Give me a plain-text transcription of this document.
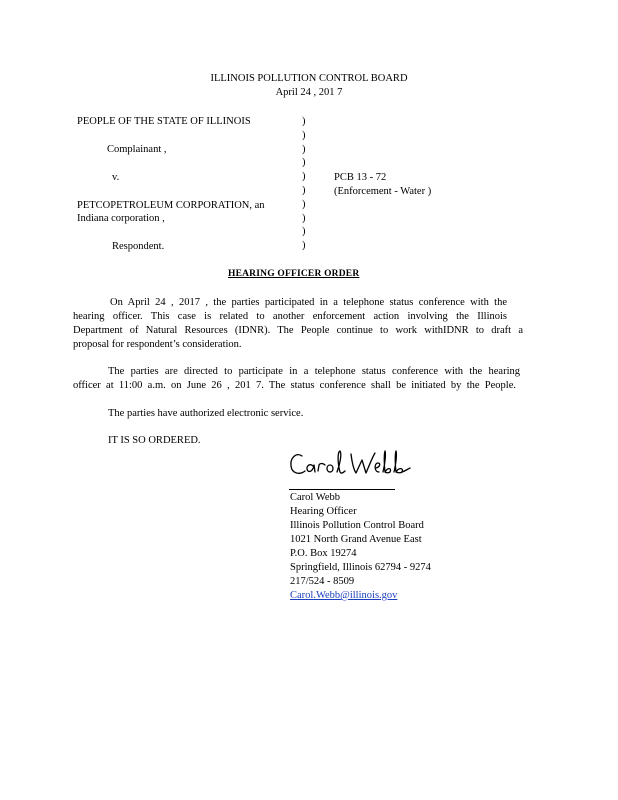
ILLINOIS POLLUTION CONTROL BOARD
April 24 , 201 7
PEOPLE OF THE STATE OF ILLINOIS
Complainant ,
v.
PETCOPETROLEUM CORPORATION, an
Indiana corporation ,
Respondent.
)
)
)
)
)
)
)
)
)
)
PCB 13 - 72
(Enforcement - Water )
HEARING OFFICER ORDER
On April 24 , 2017 , the parties participated in a telephone status conference with the
hearing officer. This case is related to another enforcement action involving the Illinois
Department of Natural Resources (IDNR). The People continue to work withIDNR to draft a
proposal for respondent’s consideration.
The parties are directed to participate in a telephone status conference with the hearing
officer at 11:00 a.m. on June 26 , 201 7. The status conference shall be initiated by the People.
The parties have authorized electronic service.
IT IS SO ORDERED.
Carol Webb
Hearing Officer
Illinois Pollution Control Board
1021 North Grand Avenue East
P.O. Box 19274
Springfield, Illinois 62794 - 9274
217/524 - 8509
Carol.Webb@illinois.gov
